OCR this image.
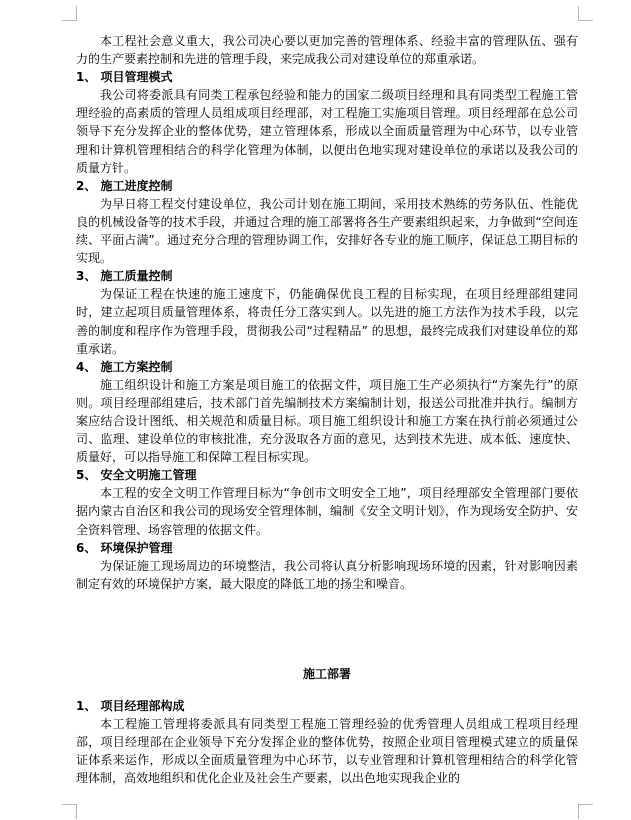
本工程社会意义重大，我公司决心要以更加完善的管理体系、经验丰富的管理队伍、强有力的生产要素控制和先进的管理手段，来完成我公司对建设单位的郑重承诺。

1、 项目管理模式

我公司将委派具有同类工程承包经验和能力的国家二级项目经理和具有同类型工程施工管理经验的高素质的管理人员组成项目经理部，对工程施工实施项目管理。项目经理部在总公司领导下充分发挥企业的整体优势，建立管理体系，形成以全面质量管理为中心环节，以专业管理和计算机管理相结合的科学化管理为体制，以便出色地实现对建设单位的承诺以及我公司的质量方针。

2、 施工进度控制

为早日将工程交付建设单位，我公司计划在施工期间，采用技术熟练的劳务队伍、性能优良的机械设备等的技术手段，并通过合理的施工部署将各生产要素组织起来，力争做到“空间连续、平面占满”。通过充分合理的管理协调工作，安排好各专业的施工顺序，保证总工期目标的实现。

3、 施工质量控制

为保证工程在快速的施工速度下，仍能确保优良工程的目标实现，在项目经理部组建同时，建立起项目质量管理体系，将责任分工落实到人。以先进的施工方法作为技术手段，以完善的制度和程序作为管理手段，贯彻我公司“过程精品” 的思想，最终完成我们对建设单位的郑重承诺。

4、 施工方案控制

施工组织设计和施工方案是项目施工的依据文件，项目施工生产必须执行“方案先行”的原则。项目经理部组建后，技术部门首先编制技术方案编制计划，报送公司批准并执行。编制方案应结合设计图纸、相关规范和质量目标。项目施工组织设计和施工方案在执行前必须通过公司、监理、建设单位的审核批准，充分汲取各方面的意见，达到技术先进、成本低、速度快、质量好，可以指导施工和保障工程目标实现。

5、 安全文明施工管理

本工程的安全文明工作管理目标为“争创市文明安全工地”，项目经理部安全管理部门要依据内蒙古自治区和我公司的现场安全管理体制，编制《安全文明计划》，作为现场安全防护、安全资料管理、场容管理的依据文件。

6、 环境保护管理

为保证施工现场周边的环境整洁，我公司将认真分析影响现场环境的因素，针对影响因素制定有效的环境保护方案，最大限度的降低工地的扬尘和噪音。

施工部署

1、 项目经理部构成

本工程施工管理将委派具有同类型工程施工管理经验的优秀管理人员组成工程项目经理部，项目经理部在企业领导下充分发挥企业的整体优势，按照企业项目管理模式建立的质量保证体系来运作，形成以全面质量管理为中心环节，以专业管理和计算机管理相结合的科学化管理体制，高效地组织和优化企业及社会生产要素，以出色地实现我企业的
